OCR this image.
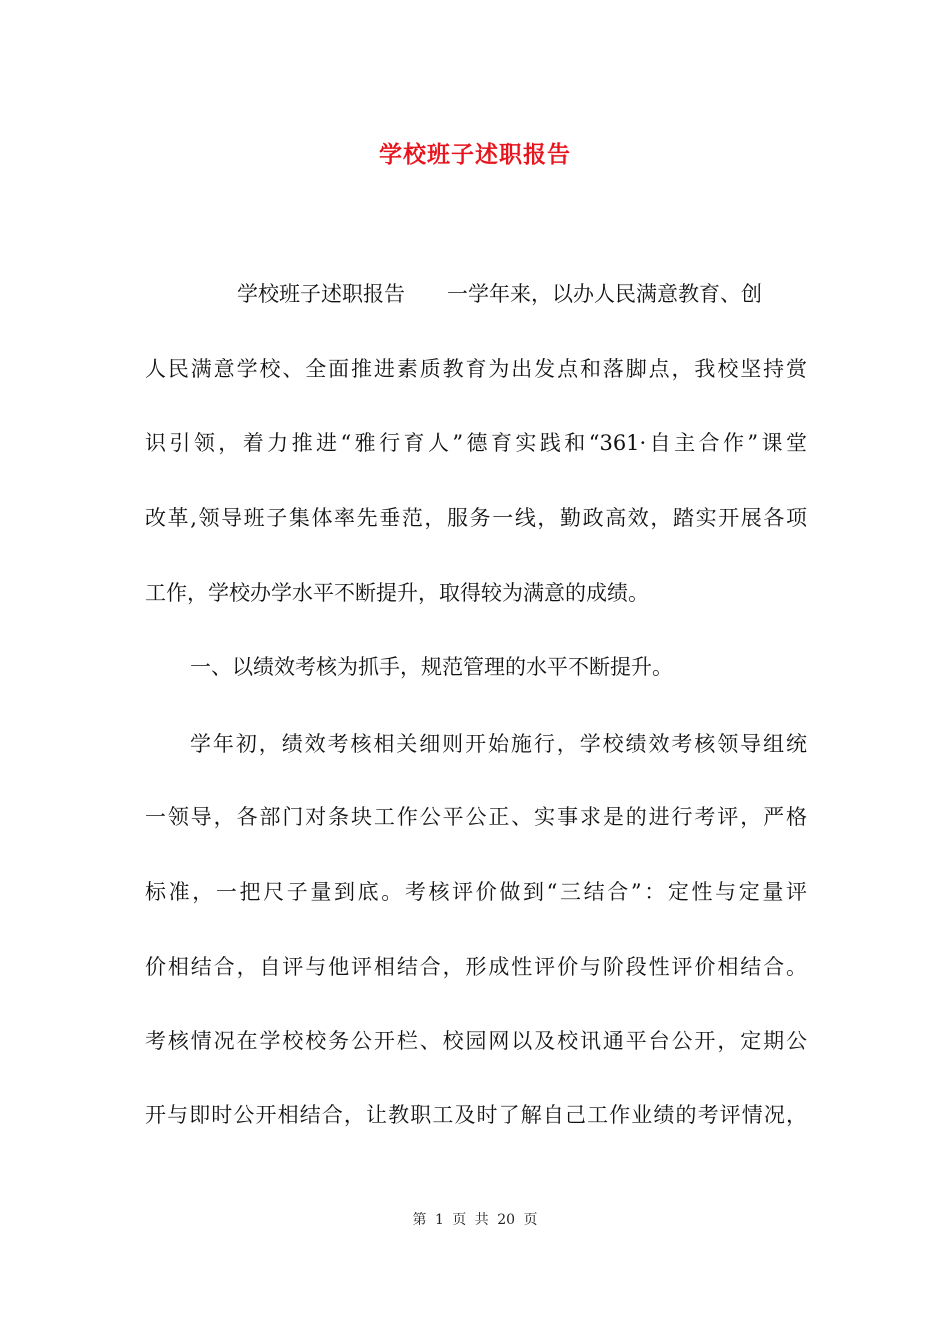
学校班子述职报告
学校班子述职报告　　一学年来，以办人民满意教育、创
人民满意学校、全面推进素质教育为出发点和落脚点，我校坚持赏
识引领，着力推进“雅行育人”德育实践和“361·自主合作”课堂
改革,领导班子集体率先垂范，服务一线，勤政高效，踏实开展各项
工作，学校办学水平不断提升，取得较为满意的成绩。
一、以绩效考核为抓手，规范管理的水平不断提升。
学年初，绩效考核相关细则开始施行，学校绩效考核领导组统
一领导，各部门对条块工作公平公正、实事求是的进行考评，严格
标准，一把尺子量到底。考核评价做到“三结合”：定性与定量评
价相结合，自评与他评相结合，形成性评价与阶段性评价相结合。
考核情况在学校校务公开栏、校园网以及校讯通平台公开，定期公
开与即时公开相结合，让教职工及时了解自己工作业绩的考评情况，
第 1 页 共 20 页
